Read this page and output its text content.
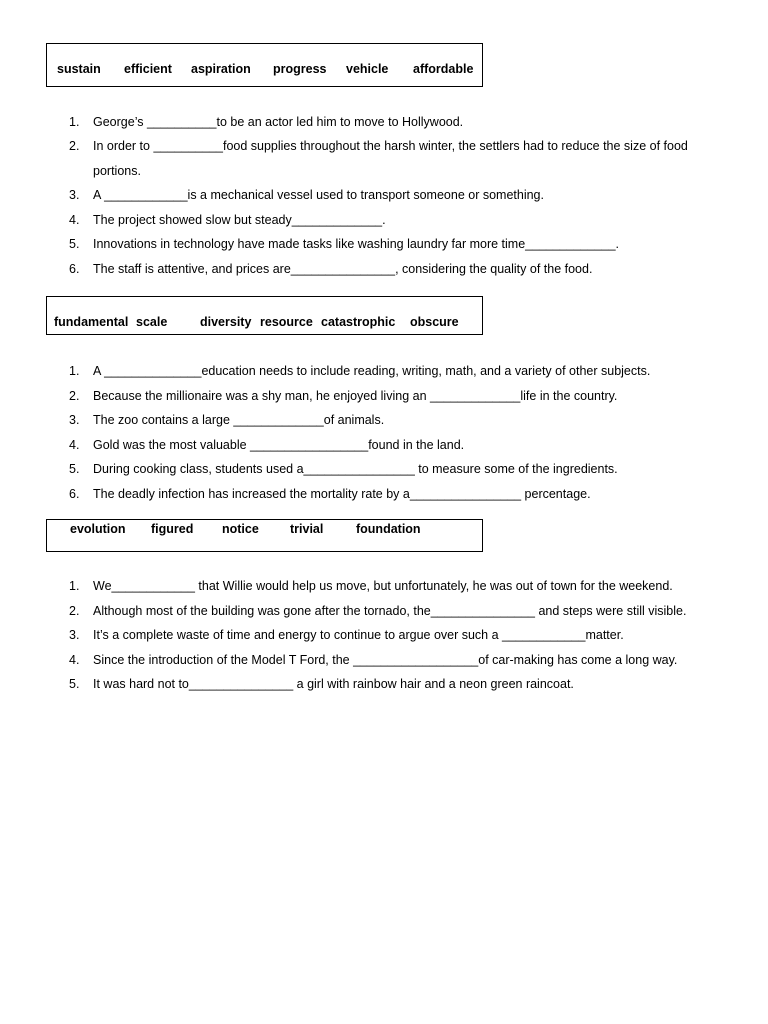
sustain efficient aspiration progress vehicle affordable
1. George’s __________to be an actor led him to move to Hollywood.
2. In order to __________food supplies throughout the harsh winter, the settlers had to reduce the size of food portions.
3. A ____________is a mechanical vessel used to transport someone or something.
4. The project showed slow but steady_____________.
5. Innovations in technology have made tasks like washing laundry far more time_____________.
6. The staff is attentive, and prices are_______________, considering the quality of the food.
fundamental scale	diversity resource catastrophic obscure
1. A ______________education needs to include reading, writing, math, and a variety of other subjects.
2. Because the millionaire was a shy man, he enjoyed living an _____________life in the country.
3. The zoo contains a large _____________of animals.
4. Gold was the most valuable _________________found in the land.
5. During cooking class, students used a________________ to measure some of the ingredients.
6. The deadly infection has increased the mortality rate by a________________ percentage.
evolution figured notice trivial	foundation
1. We____________ that Willie would help us move, but unfortunately, he was out of town for the weekend.
2. Although most of the building was gone after the tornado, the_______________ and steps were still visible.
3. It’s a complete waste of time and energy to continue to argue over such a ____________matter.
4. Since the introduction of the Model T Ford, the __________________of car-making has come a long way.
5. It was hard not to_______________ a girl with rainbow hair and a neon green raincoat.
